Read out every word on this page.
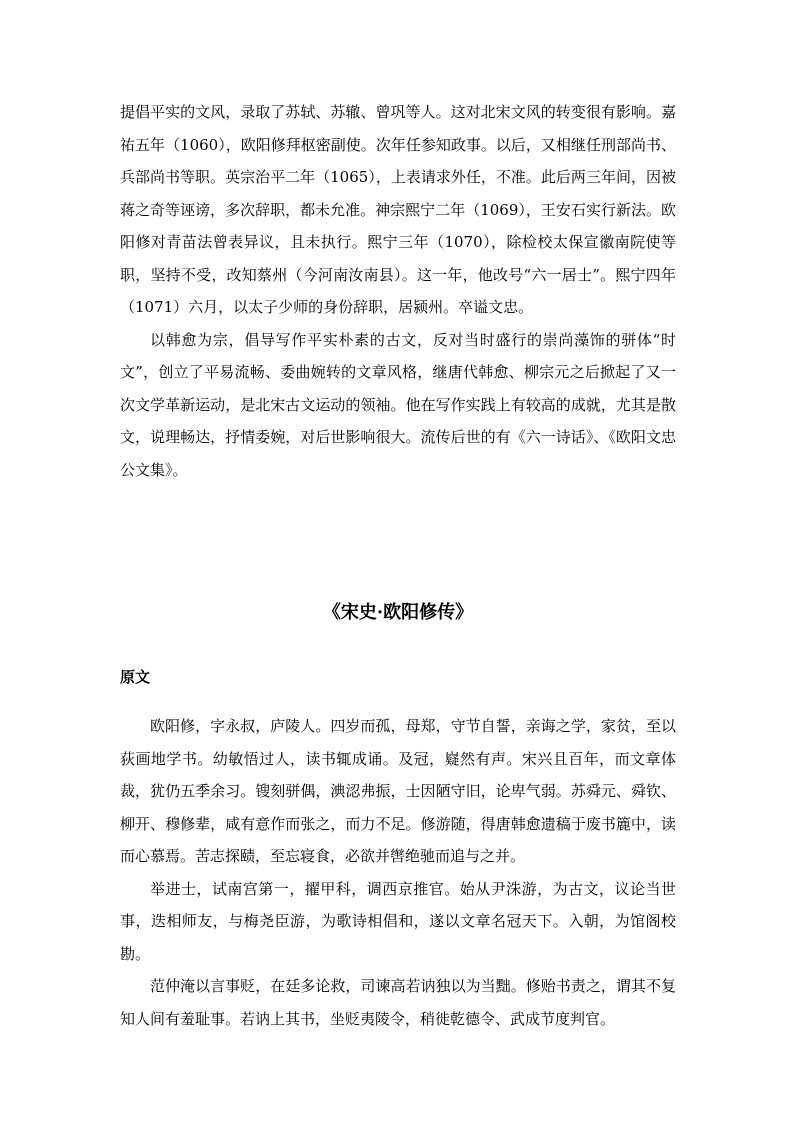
提倡平实的文风，录取了苏轼、苏辙、曾巩等人。这对北宋文风的转变很有影响。嘉祐五年（1060），欧阳修拜枢密副使。次年任参知政事。以后，又相继任刑部尚书、兵部尚书等职。英宗治平二年（1065），上表请求外任，不准。此后两三年间，因被蒋之奇等诬谤，多次辞职，都未允准。神宗熙宁二年（1069），王安石实行新法。欧阳修对青苗法曾表异议，且未执行。熙宁三年（1070），除检校太保宣徽南院使等职，坚持不受，改知蔡州（今河南汝南县）。这一年，他改号“六一居士”。熙宁四年（1071）六月，以太子少师的身份辞职，居颍州。卒谥文忠。

以韩愈为宗，倡导写作平实朴素的古文，反对当时盛行的崇尚藻饰的骈体“时文”，创立了平易流畅、委曲婉转的文章风格，继唐代韩愈、柳宗元之后掀起了又一次文学革新运动，是北宋古文运动的领袖。他在写作实践上有较高的成就，尤其是散文，说理畅达，抒情委婉，对后世影响很大。流传后世的有《六一诗话》、《欧阳文忠公文集》。

《宋史·欧阳修传》
原文

欧阳修，字永叔，庐陵人。四岁而孤，母郑，守节自誓，亲诲之学，家贫，至以荻画地学书。幼敏悟过人，读书辄成诵。及冠，嶷然有声。宋兴且百年，而文章体裁，犹仍五季余习。锼刻骈偶，淟涊弗振，士因陋守旧，论卑气弱。苏舜元、舜钦、柳开、穆修辈，咸有意作而张之，而力不足。修游随，得唐韩愈遗稿于废书簏中，读而心慕焉。苦志探赜，至忘寝食，必欲并辔绝驰而追与之并。

举进士，试南宫第一，擢甲科，调西京推官。始从尹洙游，为古文，议论当世事，迭相师友，与梅尧臣游，为歌诗相倡和，遂以文章名冠天下。入朝，为馆阁校勘。

范仲淹以言事贬，在廷多论救，司谏高若讷独以为当黜。修贻书责之，谓其不复知人间有羞耻事。若讷上其书，坐贬夷陵令，稍徙乾德令、武成节度判官。
